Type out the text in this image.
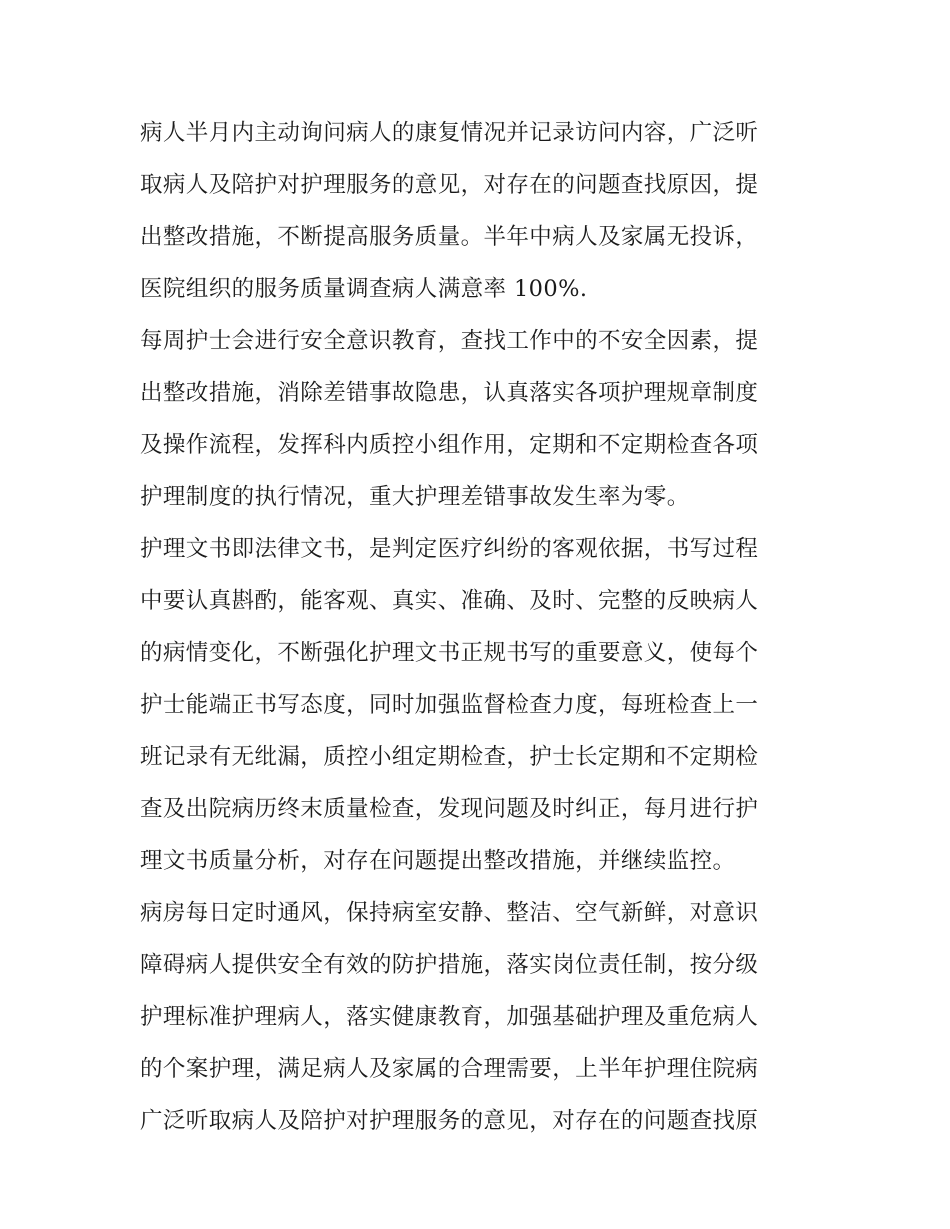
病人半月内主动询问病人的康复情况并记录访问内容，广泛听
取病人及陪护对护理服务的意见，对存在的问题查找原因，提
出整改措施，不断提高服务质量。半年中病人及家属无投诉，
医院组织的服务质量调查病人满意率 100%.
每周护士会进行安全意识教育，查找工作中的不安全因素，提
出整改措施，消除差错事故隐患，认真落实各项护理规章制度
及操作流程，发挥科内质控小组作用，定期和不定期检查各项
护理制度的执行情况，重大护理差错事故发生率为零。
护理文书即法律文书，是判定医疗纠纷的客观依据，书写过程
中要认真斟酌，能客观、真实、准确、及时、完整的反映病人
的病情变化，不断强化护理文书正规书写的重要意义，使每个
护士能端正书写态度，同时加强监督检查力度，每班检查上一
班记录有无纰漏，质控小组定期检查，护士长定期和不定期检
查及出院病历终末质量检查，发现问题及时纠正，每月进行护
理文书质量分析，对存在问题提出整改措施，并继续监控。
病房每日定时通风，保持病室安静、整洁、空气新鲜，对意识
障碍病人提供安全有效的防护措施，落实岗位责任制，按分级
护理标准护理病人，落实健康教育，加强基础护理及重危病人
的个案护理，满足病人及家属的合理需要，上半年护理住院病
广泛听取病人及陪护对护理服务的意见，对存在的问题查找原
